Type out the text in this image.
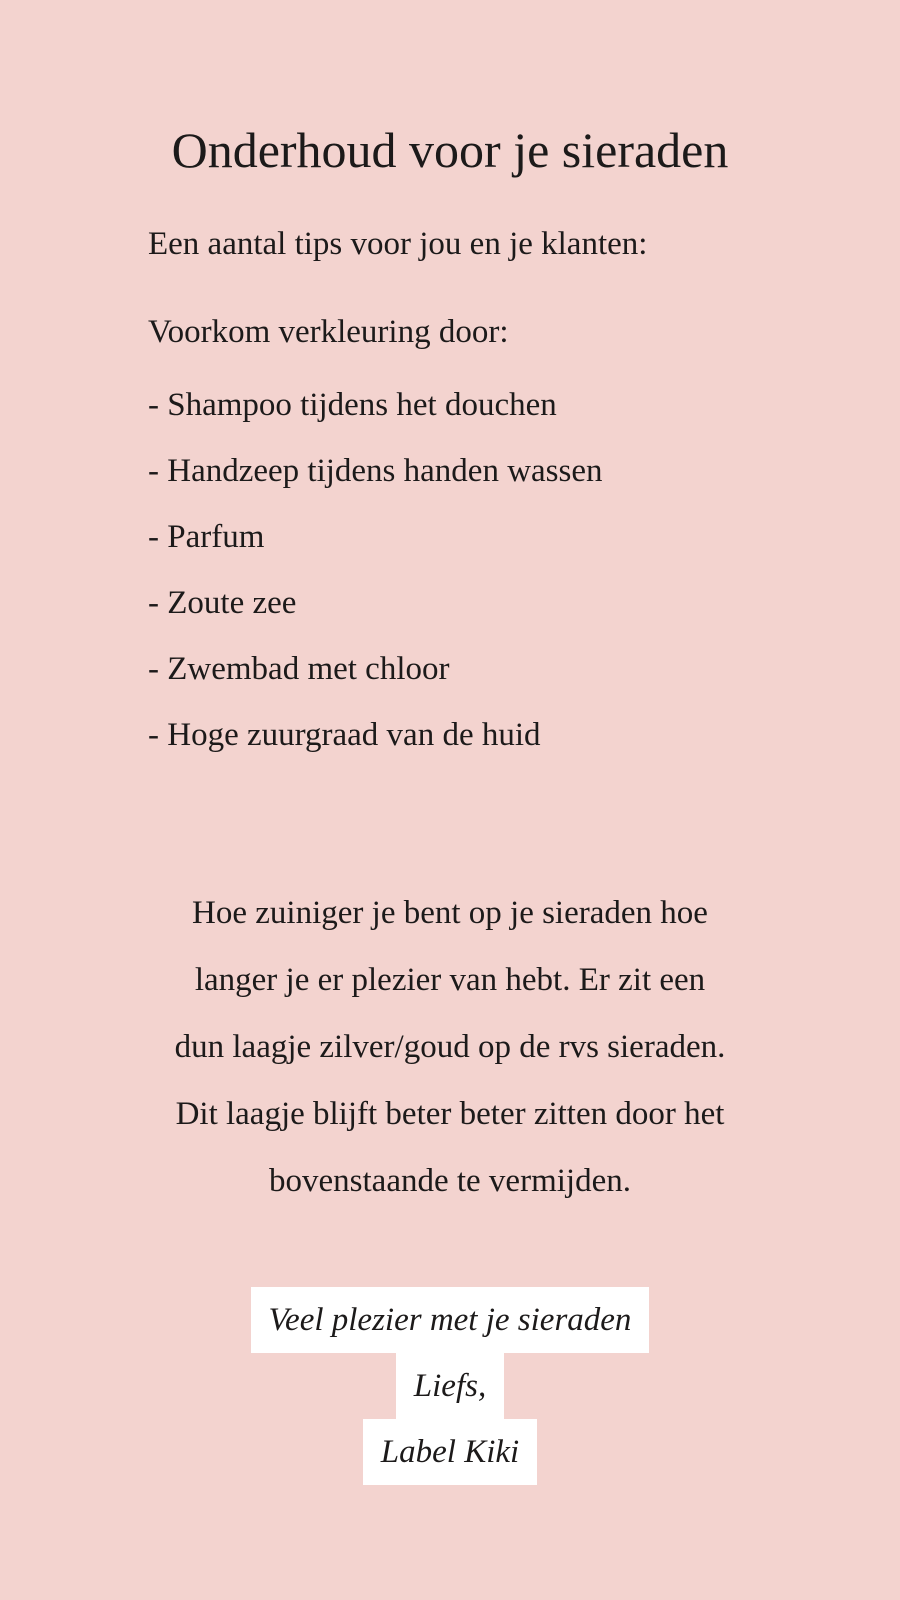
Onderhoud voor je sieraden

Een aantal tips voor jou en je klanten:

Voorkom verkleuring door:

- Shampoo tijdens het douchen
- Handzeep tijdens handen wassen
- Parfum
- Zoute zee
- Zwembad met chloor
- Hoge zuurgraad van de huid

Hoe zuiniger je bent op je sieraden hoe
langer je er plezier van hebt. Er zit een
dun laagje zilver/goud op de rvs sieraden.
Dit laagje blijft beter beter zitten door het
bovenstaande te vermijden.

Veel plezier met je sieraden
Liefs,
Label Kiki
